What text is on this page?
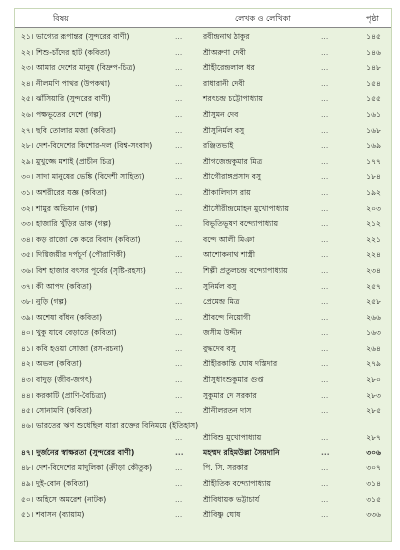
বিষয়	লেখক ও লেখিকা	পৃষ্ঠা
২১। ভাগ্যের রূপান্তর (সুন্দরের বাণী)	...	রবীন্দ্রনাথ ঠাকুর	...	১৪৫
২২। শিশু-চাঁদের হাট (কবিতা)	...	শ্রীঅরুণা দেবী	...	১৪৬
২৩। আমার দেশের মানুষ (বিদ্রুপ-চিত্র)	...	শ্রীহীরেন্দ্রলাল ধর	...	১৪৮
২৪। নীলমণি পাথর (উপকথা)	...	রাধারানী দেবী	...	১৫৪
২৫। ঝাঁসিয়ারি (সুন্দরের বাণী)	...	শরৎচন্দ্র চট্টোপাধ্যায়	...	১৫৫
২৬। পক্ষভূতের দেশে (গল্প)	...	শ্রীসুমন দেব	...	১৬১
২৭। ছবি তোলার মজা (কবিতা)	...	শ্রীসুনির্মল বসু	...	১৬৮
২৮। দেশ-বিদেশের কিশোর-দল (বিশ্ব-সংবাদ)	...	রঞ্জিতভাই	...	১৬৯
২৯। মুখুজ্জে মশাই (প্রাচীন চিত্র)	...	শ্রীগজেন্দ্রকুমার মিত্র	...	১৭৭
৩০। সাদা মানুষের ভেঙ্কি (বিদেশী সাহিত্য)	...	শ্রীগৌরাঙ্গপ্রসাদ বসু	...	১৮৪
৩১। অশরীরের যজ্ঞ (কবিতা)	...	শ্রীকালিদাস রায়	...	১৯২
৩২। শামুর অভিযান (গল্প)	...	শ্রীসৌরীন্দ্রমোহন মুখোপাধ্যায়	...	২০৩
৩৩। হাজারি খুঁড়ির ডাক (গল্প)	...	বিভূতিভূষণ বন্দ্যোপাধ্যায়	...	২১২
৩৪। কড় রাজো কে করে বিবাদ (কবিতা)	...	বন্দে আলী মিঞা	...	২২১
৩৫। দিগ্বিজয়ীর দর্পচূর্ণ (পৌরাণিকী)	...	আশোকনাথ শাস্ত্রী	...	২২৪
৩৬। বিশ হাজার বৎসর পূর্বের (সৃষ্টি-রহস্য)	...	শিল্পী প্রতুলচন্দ্র বন্দ্যোপাধ্যায়	...	২৩৪
৩৭। কী আপদ (কবিতা)	...	সুনির্মল বসু	...	২৫৭
৩৮। নুড়ি (গল্প)	...	প্রেমেন্দ্র মিত্র	...	২৫৮
৩৯। অশেষা বাঁধন (কবিতা)	...	শ্রীবন্দে নিয়োগী	...	২৬৬
৪০। খুকু যাবে বেড়াতে (কবিতা)	...	জসীম উদ্দীন	...	১৬৩
৪১। কবি হওয়া সোজা (রস-রচনা)	...	বুদ্ধদেব বসু	...	২৬৪
৪২। অভল (কবিতা)	...	শ্রীহীরকান্তি ঘোষ দস্তিদার	...	২৭৯
৪৩। বাদুড় (জীব-জগৎ)	...	শ্রীসুধাংশুকুমার গুপ্ত	...	২৮০
৪৪। করকাটি (প্রাণি-বৈচিত্র্য)	...	সুকুমার দে সরকার	...	২৮৩
৪৫। সোনামণি (কবিতা)	...	শ্রীনীলরতন দাস	...	২৮৫
৪৬। ভারতের ঋণ শুধেছিল যারা রক্তের বিনিময়ে (ইতিহাস)
...	শ্রীবিশু মুখোপাধ্যায়	...	২৮৭
৪৭। দুর্জনের স্বাক্ষরতা (সুন্দরের বাণী)	...	মহম্মদ রহিমউল্লা সৈয়দানি	...	৩০৬
৪৮। দেশ-বিদেশের মাদুলিকা (ক্রীড়া কৌতুক)	...	পি. সি. সরকার	...	৩০৭
৪৯। দুই-বোন (কবিতা)	...	শ্রীহীতিক বন্দ্যোপাধ্যায়	...	৩১৪
৫০। অহিসে অমরেশ (নাটক)	...	শ্রীবিধায়ক ভট্টাচার্য	...	৩১৫
৫১। শবাসন (ব্যায়াম)	...	শ্রীবিষ্ণু ঘোষ	...	৩৩৬
